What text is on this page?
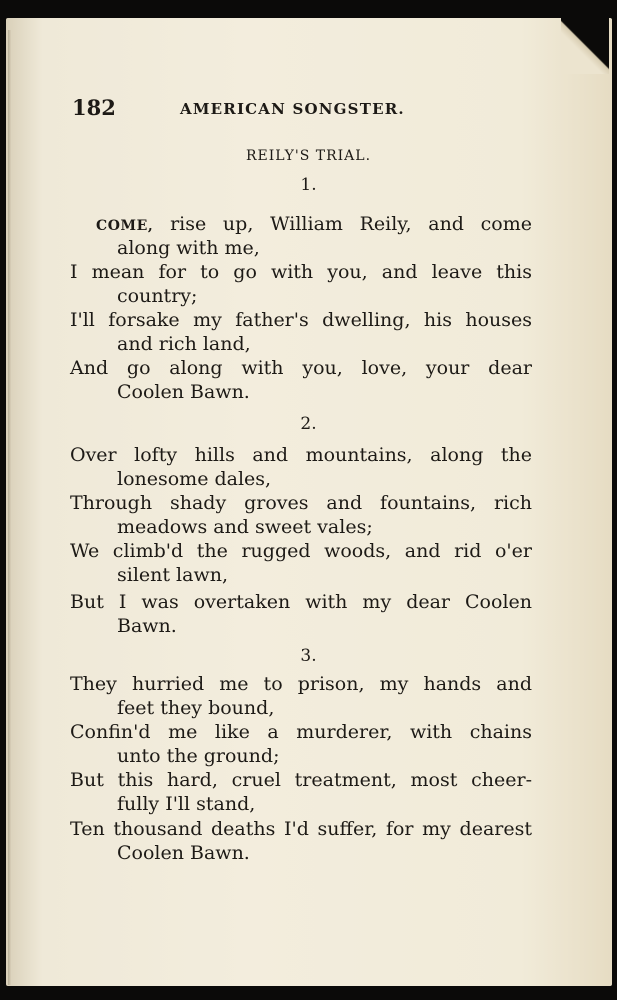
182	AMERICAN SONGSTER.
REILY'S TRIAL.
1.
COME, rise up, William Reily, and come
along with me,
I mean for to go with you, and leave this
country;
I'll forsake my father's dwelling, his houses
and rich land,
And go along with you, love, your dear
Coolen Bawn.
2.
Over lofty hills and mountains, along the
lonesome dales,
Through shady groves and fountains, rich
meadows and sweet vales;
We climb'd the rugged woods, and rid o'er
silent lawn,
But I was overtaken with my dear Coolen
Bawn.
3.
They hurried me to prison, my hands and
feet they bound,
Confin'd me like a murderer, with chains
unto the ground;
But this hard, cruel treatment, most cheer-
fully I'll stand,
Ten thousand deaths I'd suffer, for my dearest
Coolen Bawn.
